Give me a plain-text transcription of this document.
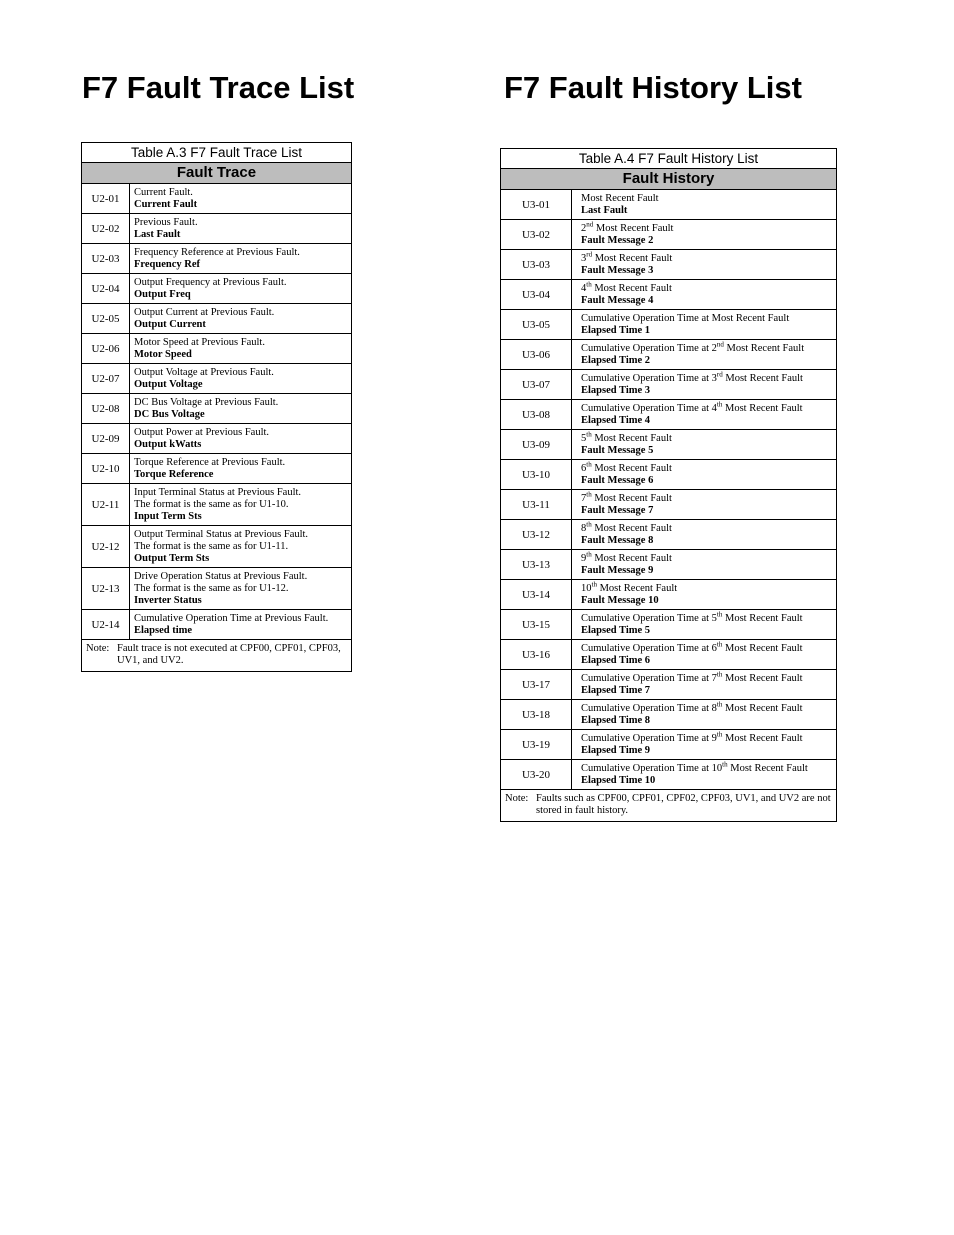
F7 Fault Trace List	F7 Fault History List
Table A.3 F7 Fault Trace List	
Fault Trace	
U2-01	Current Fault.
Current Fault

U2-02	Previous Fault.
Last Fault

U2-03	Frequency Reference at Previous Fault.
Frequency Ref

U2-04	Output Frequency at Previous Fault.
Output Freq

U2-05	Output Current at Previous Fault.
Output Current

U2-06	Motor Speed at Previous Fault.
Motor Speed

U2-07	Output Voltage at Previous Fault.
Output Voltage

U2-08	DC Bus Voltage at Previous Fault.
DC Bus Voltage

U2-09	Output Power at Previous Fault.
Output kWatts

U2-10	Torque Reference at Previous Fault.
Torque Reference

U2-11	Input Terminal Status at Previous Fault.
The format is the same as for U1-10.
Input Term Sts

U2-12	Output Terminal Status at Previous Fault.
The format is the same as for U1-11.
Output Term Sts

U2-13	Drive Operation Status at Previous Fault.
The format is the same as for U1-12.
Inverter Status

U2-14	Cumulative Operation Time at Previous Fault.
Elapsed time

Note: Fault trace is not executed at CPF00, CPF01, CPF03, UV1, and UV2.	
Table A.4 F7 Fault History List	
Fault History	
U3-01	Most Recent Fault
Last Fault

U3-02	2nd Most Recent Fault
Fault Message 2

U3-03	3rd Most Recent Fault
Fault Message 3

U3-04	4th Most Recent Fault
Fault Message 4

U3-05	Cumulative Operation Time at Most Recent Fault
Elapsed Time 1

U3-06	Cumulative Operation Time at 2nd Most Recent Fault
Elapsed Time 2

U3-07	Cumulative Operation Time at 3rd Most Recent Fault
Elapsed Time 3

U3-08	Cumulative Operation Time at 4th Most Recent Fault
Elapsed Time 4

U3-09	5th Most Recent Fault
Fault Message 5

U3-10	6th Most Recent Fault
Fault Message 6

U3-11	7th Most Recent Fault
Fault Message 7

U3-12	8th Most Recent Fault
Fault Message 8

U3-13	9th Most Recent Fault
Fault Message 9

U3-14	10th Most Recent Fault
Fault Message 10

U3-15	Cumulative Operation Time at 5th Most Recent Fault
Elapsed Time 5

U3-16	Cumulative Operation Time at 6th Most Recent Fault
Elapsed Time 6

U3-17	Cumulative Operation Time at 7th Most Recent Fault
Elapsed Time 7

U3-18	Cumulative Operation Time at 8th Most Recent Fault
Elapsed Time 8

U3-19	Cumulative Operation Time at 9th Most Recent Fault
Elapsed Time 9

U3-20	Cumulative Operation Time at 10th Most Recent Fault
Elapsed Time 10

Note: Faults such as CPF00, CPF01, CPF02, CPF03, UV1, and UV2 are not stored in fault history.	
